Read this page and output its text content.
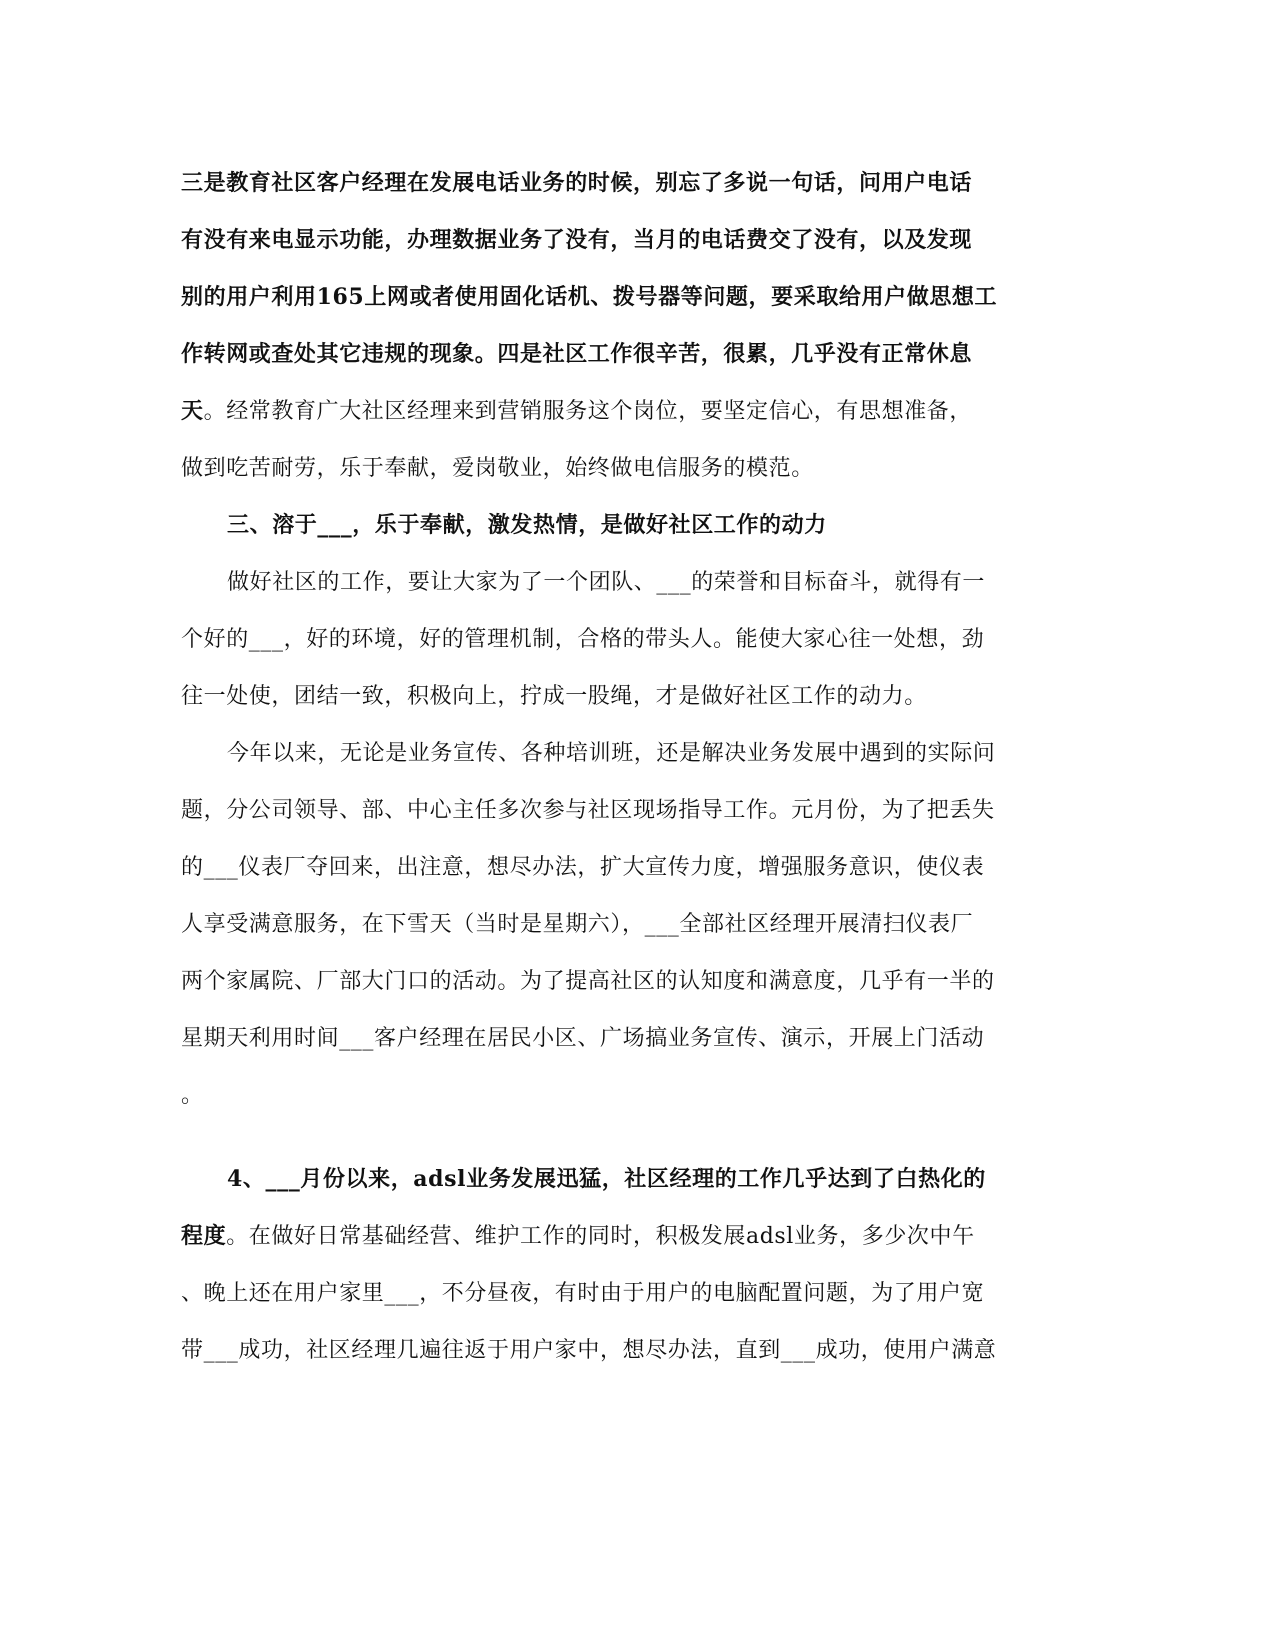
三是教育社区客户经理在发展电话业务的时候，别忘了多说一句话，问用户电话
有没有来电显示功能，办理数据业务了没有，当月的电话费交了没有，以及发现
别的用户利用165上网或者使用固化话机、拨号器等问题，要采取给用户做思想工
作转网或查处其它违规的现象。四是社区工作很辛苦，很累，几乎没有正常休息
天。经常教育广大社区经理来到营销服务这个岗位，要坚定信心，有思想准备，
做到吃苦耐劳，乐于奉献，爱岗敬业，始终做电信服务的模范。
三、溶于___，乐于奉献，激发热情，是做好社区工作的动力
做好社区的工作，要让大家为了一个团队、___的荣誉和目标奋斗，就得有一
个好的___，好的环境，好的管理机制，合格的带头人。能使大家心往一处想，劲
往一处使，团结一致，积极向上，拧成一股绳，才是做好社区工作的动力。
今年以来，无论是业务宣传、各种培训班，还是解决业务发展中遇到的实际问
题，分公司领导、部、中心主任多次参与社区现场指导工作。元月份，为了把丢失
的___仪表厂夺回来，出注意，想尽办法，扩大宣传力度，增强服务意识，使仪表
人享受满意服务，在下雪天（当时是星期六），___全部社区经理开展清扫仪表厂
两个家属院、厂部大门口的活动。为了提高社区的认知度和满意度，几乎有一半的
星期天利用时间___客户经理在居民小区、广场搞业务宣传、演示，开展上门活动
。
4、___月份以来，adsl业务发展迅猛，社区经理的工作几乎达到了白热化的
程度。在做好日常基础经营、维护工作的同时，积极发展adsl业务，多少次中午
、晚上还在用户家里___，不分昼夜，有时由于用户的电脑配置问题，为了用户宽
带___成功，社区经理几遍往返于用户家中，想尽办法，直到___成功，使用户满意
